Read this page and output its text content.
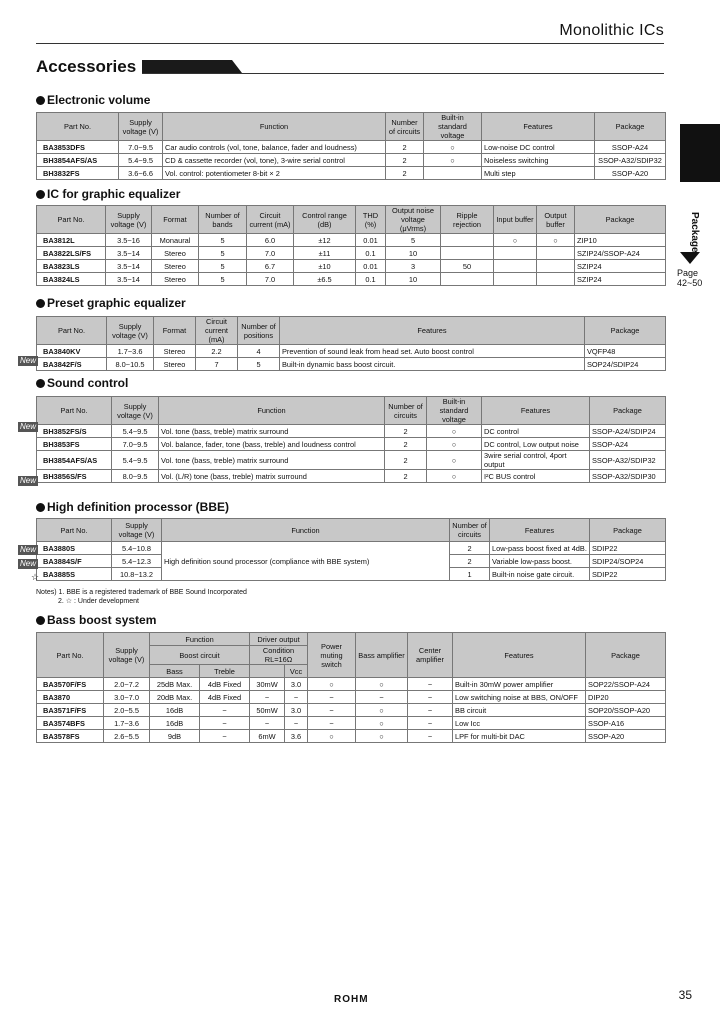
Monolithic ICs
Accessories
Package
Page 42~50
Electronic volume
Part No.	Supply voltage (V)	Function	Number of circuits	Built-in standard voltage	Features	Package
BA3853DFS	7.0~9.5	Car audio controls (vol, tone, balance, fader and loudness)	2	○	Low-noise DC control	SSOP-A24
BH3854AFS/AS	5.4~9.5	CD & cassette recorder (vol, tone), 3-wire serial control	2	○	Noiseless switching	SSOP-A32/SDIP32
BH3832FS	3.6~6.6	Vol. control: potentiometer 8-bit × 2	2		Multi step	SSOP-A20
IC for graphic equalizer
Part No.	Supply voltage (V)	Format	Number of bands	Circuit current (mA)	Control range (dB)	THD (%)	Output noise voltage (μVrms)	Ripple rejection	Input buffer	Output buffer	Package
BA3812L	3.5~16	Monaural	5	6.0	±12	0.01	5		○	○	ZIP10
BA3822LS/FS	3.5~14	Stereo	5	7.0	±11	0.1	10				SZIP24/SSOP-A24
BA3823LS	3.5~14	Stereo	5	6.7	±10	0.01	3	50			SZIP24
BA3824LS	3.5~14	Stereo	5	7.0	±6.5	0.1	10				SZIP24
Preset graphic equalizer
Part No.	Supply voltage (V)	Format	Circuit current (mA)	Number of positions	Features	Package
BA3840KV	1.7~3.6	Stereo	2.2	4	Prevention of sound leak from head set. Auto boost control	VQFP48
BA3842F/S	8.0~10.5	Stereo	7	5	Built-in dynamic bass boost circuit.	SOP24/SDIP24
New
Sound control
Part No.	Supply voltage (V)	Function	Number of circuits	Built-in standard voltage	Features	Package
BH3852FS/S	5.4~9.5	Vol. tone (bass, treble) matrix surround	2	○	DC control	SSOP-A24/SDIP24
BH3853FS	7.0~9.5	Vol. balance, fader, tone (bass, treble) and loudness control	2	○	DC control, Low output noise	SSOP-A24
BH3854AFS/AS	5.4~9.5	Vol. tone (bass, treble) matrix surround	2	○	3wire serial control, 4port output	SSOP-A32/SDIP32
BH3856S/FS	8.0~9.5	Vol. (L/R) tone (bass, treble) matrix surround	2	○	I²C BUS control	SSOP-A32/SDIP30
New
New
High definition processor (BBE)
Part No.	Supply voltage (V)	Function	Number of circuits	Features	Package
BA3880S	5.4~10.8	High definition sound processor (compliance with BBE system)	2	Low-pass boost fixed at 4dB.	SDIP22
BA3884S/F	5.4~12.3		2	Variable low-pass boost.	SDIP24/SOP24
BA3885S	10.8~13.2		1	Built-in noise gate circuit.	SDIP22
New
New
☆
Notes) 1. BBE is a registered trademark of BBE Sound Incorporated
2. ☆ : Under development
Bass boost system
Part No.	Supply voltage (V)	Function		Driver output		Power muting switch	Bass amplifier	Center amplifier	Features	Package
		Boost circuit		Condition RL=16Ω						
		Bass	Treble		Vcc					
BA3570F/FS	2.0~7.2	25dB Max.	4dB Fixed	30mW	3.0	○	○	−	Built-in 30mW power amplifier	SOP22/SSOP-A24
BA3870	3.0~7.0	20dB Max.	4dB Fixed	−	−	−	−	−	Low switching noise at BBS, ON/OFF	DIP20
BA3571F/FS	2.0~5.5	16dB	−	50mW	3.0	−	○	−	BB circuit	SOP20/SSOP-A20
BA3574BFS	1.7~3.6	16dB	−	−	−	−	○	−	Low Icc	SSOP-A16
BA3578FS	2.6~5.5	9dB	−	6mW	3.6	○	○	−	LPF for multi-bit DAC	SSOP-A20
ROHM	35
